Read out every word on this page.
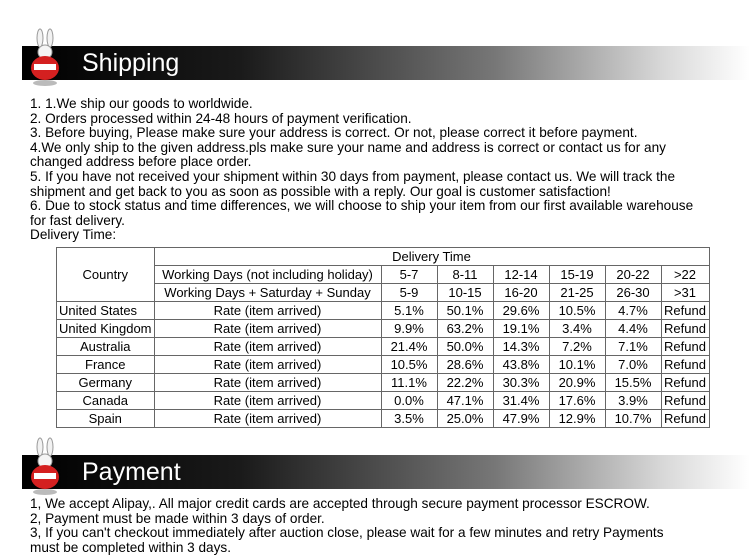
Shipping
1. 1.We ship our goods to worldwide.
2. Orders processed within 24-48 hours of payment verification.
3. Before buying, Please make sure your address is correct. Or not, please correct it before payment.
4.We only ship to the given address.pls make sure your name and address is correct or contact us for any
changed address before place order.
5. If you have not received your shipment within 30 days from payment, please contact us. We will track the
shipment and get back to you as soon as possible with a reply. Our goal is customer satisfaction!
6. Due to stock status and time differences, we will choose to ship your item from our first available warehouse
for fast delivery.
Delivery Time:
Country	Delivery Time						
	Working Days (not including holiday)	5-7	8-11	12-14	15-19	20-22	>22
	Working Days + Saturday + Sunday	5-9	10-15	16-20	21-25	26-30	>31
United States	Rate (item arrived)	5.1%	50.1%	29.6%	10.5%	4.7%	Refund
United Kingdom	Rate (item arrived)	9.9%	63.2%	19.1%	3.4%	4.4%	Refund
Australia	Rate (item arrived)	21.4%	50.0%	14.3%	7.2%	7.1%	Refund
France	Rate (item arrived)	10.5%	28.6%	43.8%	10.1%	7.0%	Refund
Germany	Rate (item arrived)	11.1%	22.2%	30.3%	20.9%	15.5%	Refund
Canada	Rate (item arrived)	0.0%	47.1%	31.4%	17.6%	3.9%	Refund
Spain	Rate (item arrived)	3.5%	25.0%	47.9%	12.9%	10.7%	Refund
Payment
1, We accept Alipay,. All major credit cards are accepted through secure payment processor ESCROW.
2, Payment must be made within 3 days of order.
3, If you can't checkout immediately after auction close, please wait for a few minutes and retry Payments
must be completed within 3 days.
